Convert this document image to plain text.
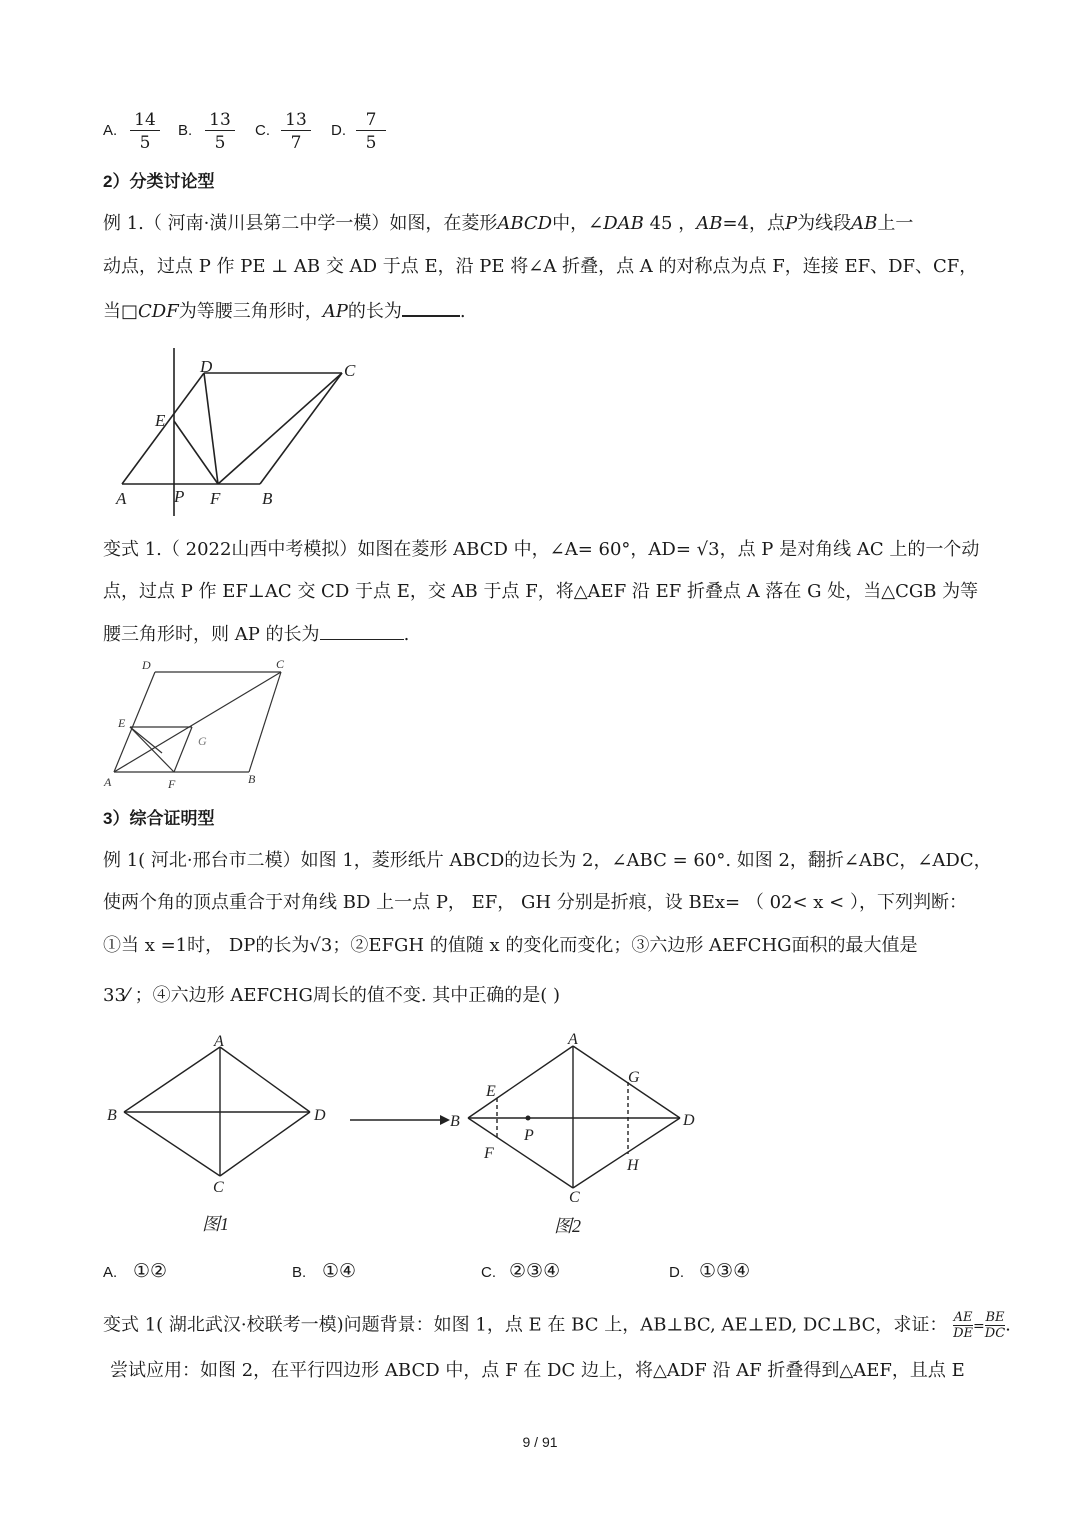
A. $\frac{14}{5} B$. $\frac{13}{5} C$. $\frac{13}{7} D$. $\frac{7}{5}$
2）分类讨论型
例 1.（ 河南·潢川县第二中学一模）如图，在菱形ABCD中，∠DAB 45 ，AB=4，点P为线段AB上一
动点，过点 P 作 PE ⊥ AB 交 AD 于点 E，沿 PE 将∠A 折叠，点 A 的对称点为点 F，连接 EF、DF、CF，
当□CDF为等腰三角形时，AP的长为	.
A	P F B
E
D	C
变式 1.（ 2022山西中考模拟）如图在菱形 ABCD 中，∠A= 60°，AD= √3，点 P 是对角线 AC 上的一个动
点，过点 P 作 EF⊥AC 交 CD 于点 E，交 AB 于点 F，将△AEF 沿 EF 折叠点 A 落在 G 处，当△CGB 为等
腰三角形时，则 AP 的长为	.
D	C
E
G
A	F	B
3）综合证明型
例 1( 河北·邢台市二模）如图 1，菱形纸片 ABCD的边长为 2，∠ABC = 60°. 如图 2，翻折∠ABC，∠ADC，
使两个角的顶点重合于对角线 BD 上一点 P， EF， GH 分别是折痕，设 BEx= （ 02< x < ），下列判断：
①当 x =1时， DP的长为√3；②EFGH 的值随 x 的变化而变化；③六边形 AEFCHG面积的最大值是
33⁄ ；④六边形 AEFCHG周长的值不变. 其中正确的是( )
A
B	D
C
图1
A
B	D
C
E
F
G
H
P
图2
A. ①②	B. ①④	C. ②③④	D. ①③④
变式 1( 湖北武汉·校联考一模)问题背景：如图 1，点 E 在 BC 上，AB⊥BC, AE⊥ED, DC⊥BC，求证： $\frac{AE}{DE} = \frac{BE}{DC}$ .
尝试应用：如图 2，在平行四边形 ABCD 中，点 F 在 DC 边上，将△ADF 沿 AF 折叠得到△AEF，且点 E
9 / 91
